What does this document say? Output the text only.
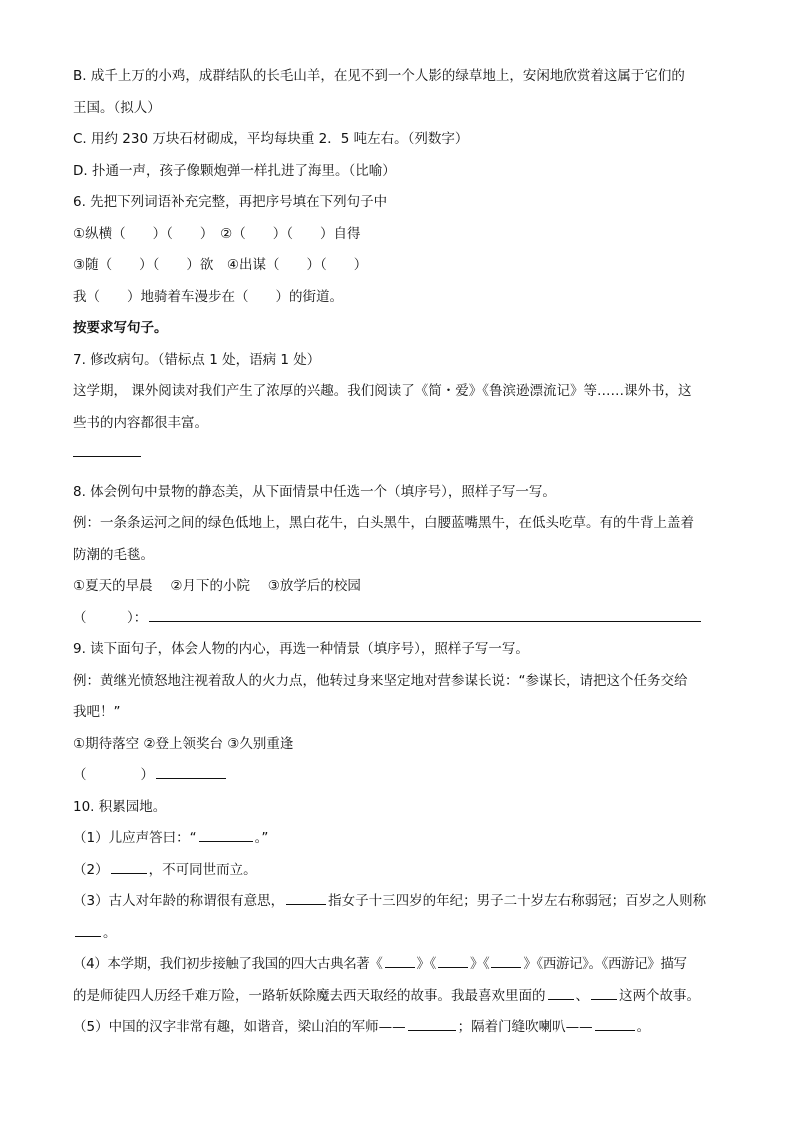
B. 成千上万的小鸡，成群结队的长毛山羊，在见不到一个人影的绿草地上，安闲地欣赏着这属于它们的
王国。（拟人）
C. 用约 230 万块石材砌成，平均每块重 2．5 吨左右。（列数字）
D. 扑通一声，孩子像颗炮弹一样扎进了海里。（比喻）
6. 先把下列词语补充完整，再把序号填在下列句子中
①纵横（　　）（　　）　②（　　）（　　）自得
③随（　　）（　　）欲　④出谋（　　）（　　）
我（　　）地骑着车漫步在（　　）的街道。
按要求写句子。
7. 修改病句。（错标点 1 处，语病 1 处）
这学期， 课外阅读对我们产生了浓厚的兴趣。我们阅读了《简・爱》《鲁滨逊漂流记》等……课外书，这
些书的内容都很丰富。
8. 体会例句中景物的静态美，从下面情景中任选一个（填序号），照样子写一写。
例：一条条运河之间的绿色低地上，黑白花牛，白头黑牛，白腰蓝嘴黑牛，在低头吃草。有的牛背上盖着
防潮的毛毯。
①夏天的早晨　 ②月下的小院　 ③放学后的校园
（　　　）：
9. 读下面句子，体会人物的内心，再选一种情景（填序号），照样子写一写。
例：黄继光愤怒地注视着敌人的火力点，他转过身来坚定地对营参谋长说：“参谋长，请把这个任务交给
我吧！”
①期待落空 ②登上领奖台 ③久别重逢
（　　　　）
10. 积累园地。
（1）儿应声答曰：“	。”
（2）	，不可同世而立。
（3）古人对年龄的称谓很有意思，	指女子十三四岁的年纪；男子二十岁左右称弱冠；百岁之人则称
。
（4）本学期，我们初步接触了我国的四大古典名著《	》《	》《	》《西游记》。《西游记》描写
的是师徒四人历经千难万险，一路斩妖除魔去西天取经的故事。我最喜欢里面的 、 这两个故事。
（5）中国的汉字非常有趣，如谐音，梁山泊的军师——	；隔着门缝吹喇叭——	。
